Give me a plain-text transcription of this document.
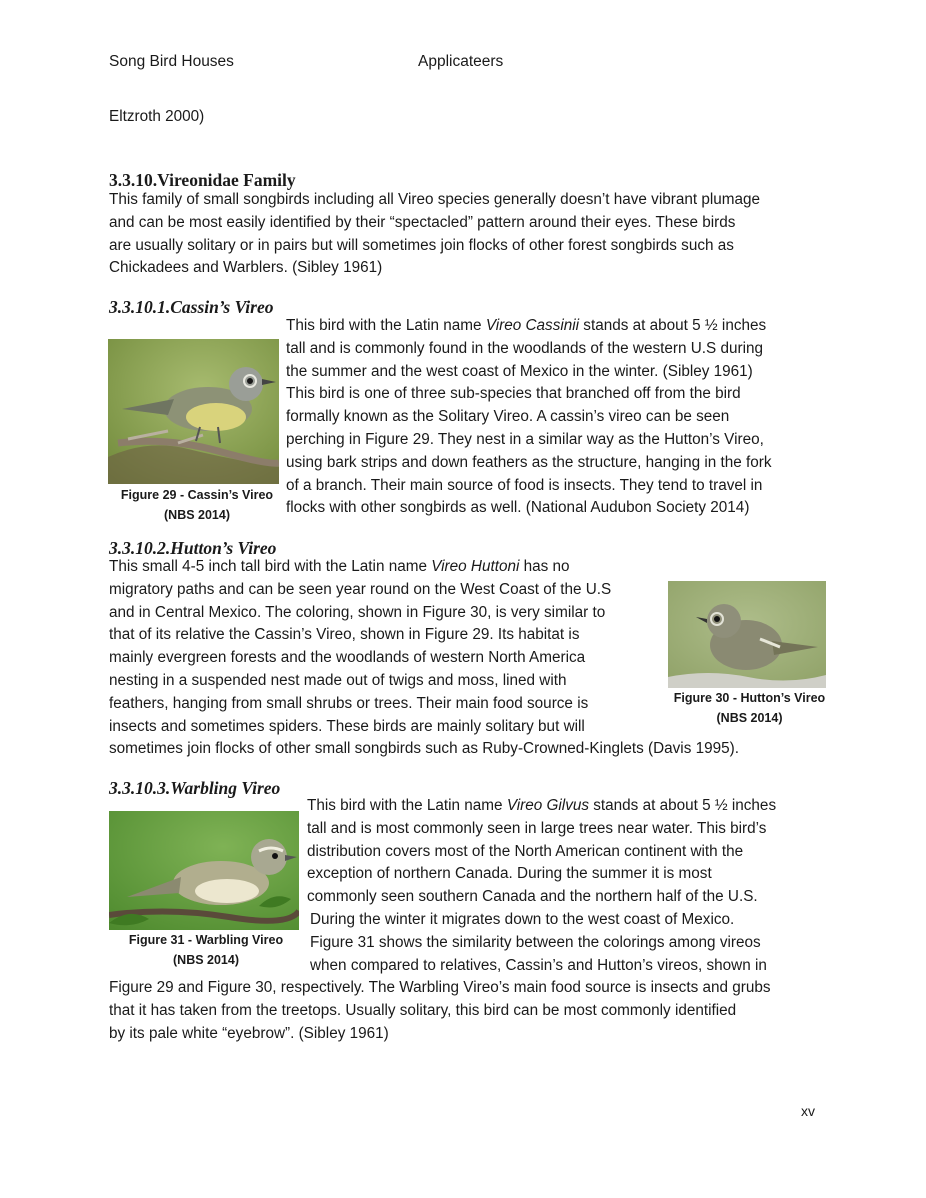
Song Bird Houses	Applicateers
Eltzroth 2000)
3.3.10.Vireonidae Family
This family of small songbirds including all Vireo species generally doesn’t have vibrant plumage
and can be most easily identified by their “spectacled” pattern around their eyes. These birds
are usually solitary or in pairs but will sometimes join flocks of other forest songbirds such as
Chickadees and Warblers. (Sibley 1961)
3.3.10.1.Cassin’s Vireo
Figure 29 - Cassin’s Vireo
(NBS 2014)
This bird with the Latin name Vireo Cassinii stands at about 5 ½ inches
tall and is commonly found in the woodlands of the western U.S during
the summer and the west coast of Mexico in the winter. (Sibley 1961)
This bird is one of three sub-species that branched off from the bird
formally known as the Solitary Vireo. A cassin’s vireo can be seen
perching in Figure 29. They nest in a similar way as the Hutton’s Vireo,
using bark strips and down feathers as the structure, hanging in the fork
of a branch. Their main source of food is insects. They tend to travel in
flocks with other songbirds as well. (National Audubon Society 2014)
3.3.10.2.Hutton’s Vireo
This small 4-5 inch tall bird with the Latin name Vireo Huttoni has no
migratory paths and can be seen year round on the West Coast of the U.S
and in Central Mexico. The coloring, shown in Figure 30, is very similar to
that of its relative the Cassin’s Vireo, shown in Figure 29. Its habitat is
mainly evergreen forests and the woodlands of western North America
nesting in a suspended nest made out of twigs and moss, lined with
feathers, hanging from small shrubs or trees. Their main food source is
insects and sometimes spiders. These birds are mainly solitary but will
sometimes join flocks of other small songbirds such as Ruby-Crowned-Kinglets (Davis 1995).
Figure 30 - Hutton’s Vireo
(NBS 2014)
3.3.10.3.Warbling Vireo
Figure 31 - Warbling Vireo
(NBS 2014)
This bird with the Latin name Vireo Gilvus stands at about 5 ½ inches
tall and is most commonly seen in large trees near water. This bird’s
distribution covers most of the North American continent with the
exception of northern Canada. During the summer it is most
commonly seen southern Canada and the northern half of the U.S.
During the winter it migrates down to the west coast of Mexico.
Figure 31 shows the similarity between the colorings among vireos
when compared to relatives, Cassin’s and Hutton’s vireos, shown in
Figure 29 and Figure 30, respectively. The Warbling Vireo’s main food source is insects and grubs
that it has taken from the treetops. Usually solitary, this bird can be most commonly identified
by its pale white “eyebrow”. (Sibley 1961)
xv
